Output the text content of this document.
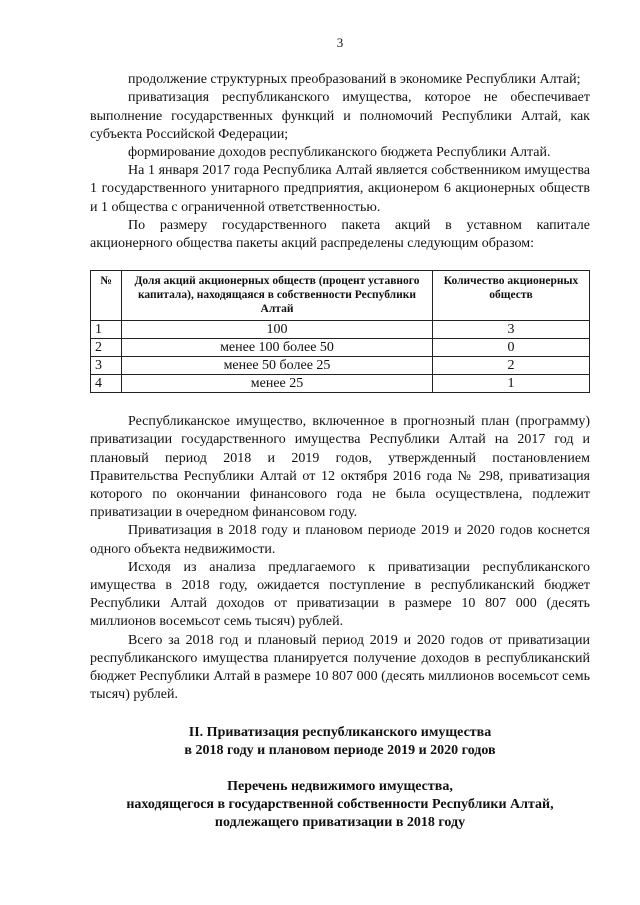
3

продолжение структурных преобразований в экономике Республики Алтай;

приватизация республиканского имущества, которое не обеспечивает выполнение государственных функций и полномочий Республики Алтай, как субъекта Российской Федерации;

формирование доходов республиканского бюджета Республики Алтай.

На 1 января 2017 года Республика Алтай является собственником имущества 1 государственного унитарного предприятия, акционером 6 акционерных обществ и 1 общества с ограниченной ответственностью.

По размеру государственного пакета акций в уставном капитале акционерного общества пакеты акций распределены следующим образом:

№	Доля акций акционерных обществ (процент уставного капитала), находящаяся в собственности Республики Алтай	Количество акционерных обществ
1	100	3
2	менее 100 более 50	0
3	менее 50 более 25	2
4	менее 25	1

Республиканское имущество, включенное в прогнозный план (программу) приватизации государственного имущества Республики Алтай на 2017 год и плановый период 2018 и 2019 годов, утвержденный постановлением Правительства Республики Алтай от 12 октября 2016 года № 298, приватизация которого по окончании финансового года не была осуществлена, подлежит приватизации в очередном финансовом году.

Приватизация в 2018 году и плановом периоде 2019 и 2020 годов коснется одного объекта недвижимости.

Исходя из анализа предлагаемого к приватизации республиканского имущества в 2018 году, ожидается поступление в республиканский бюджет Республики Алтай доходов от приватизации в размере 10 807 000 (десять миллионов восемьсот семь тысяч) рублей.

Всего за 2018 год и плановый период 2019 и 2020 годов от приватизации республиканского имущества планируется получение доходов в республиканский бюджет Республики Алтай в размере 10 807 000 (десять миллионов восемьсот семь тысяч) рублей.

II. Приватизация республиканского имущества
в 2018 году и плановом периоде 2019 и 2020 годов
Перечень недвижимого имущества,
находящегося в государственной собственности Республики Алтай,
подлежащего приватизации в 2018 году
